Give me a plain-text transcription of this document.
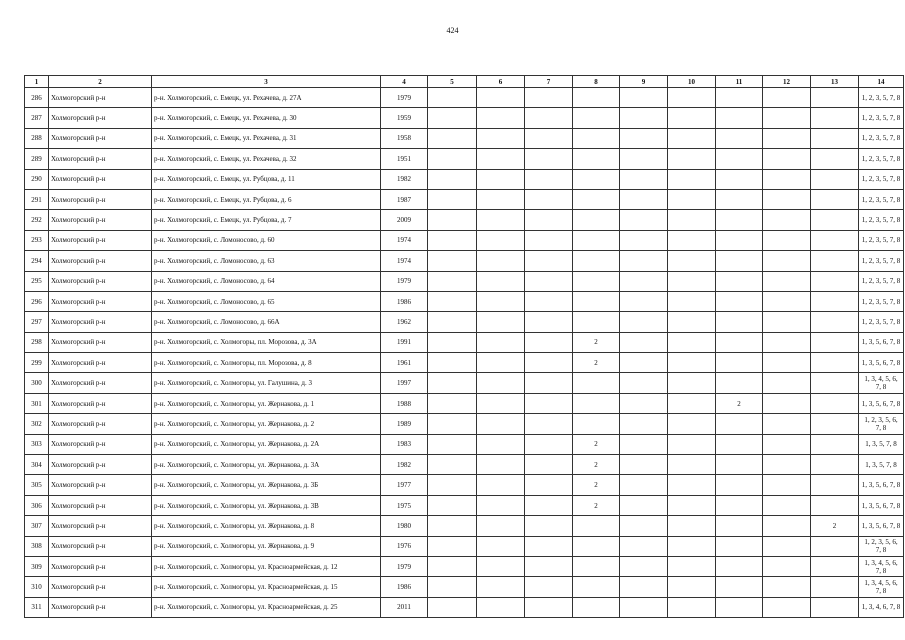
424
1	2	3	4	5	6	7	8	9	10	11	12	13	14
286	Холмогорский р-н	р-н. Холмогорский, с. Емецк, ул. Рехачева, д. 27А	1979										1, 2, 3, 5, 7, 8
287	Холмогорский р-н	р-н. Холмогорский, с. Емецк, ул. Рехачева, д. 30	1959										1, 2, 3, 5, 7, 8
288	Холмогорский р-н	р-н. Холмогорский, с. Емецк, ул. Рехачева, д. 31	1958										1, 2, 3, 5, 7, 8
289	Холмогорский р-н	р-н. Холмогорский, с. Емецк, ул. Рехачева, д. 32	1951										1, 2, 3, 5, 7, 8
290	Холмогорский р-н	р-н. Холмогорский, с. Емецк, ул. Рубцова, д. 11	1982										1, 2, 3, 5, 7, 8
291	Холмогорский р-н	р-н. Холмогорский, с. Емецк, ул. Рубцова, д. 6	1987										1, 2, 3, 5, 7, 8
292	Холмогорский р-н	р-н. Холмогорский, с. Емецк, ул. Рубцова, д. 7	2009										1, 2, 3, 5, 7, 8
293	Холмогорский р-н	р-н. Холмогорский, с. Ломоносово, д. 60	1974										1, 2, 3, 5, 7, 8
294	Холмогорский р-н	р-н. Холмогорский, с. Ломоносово, д. 63	1974										1, 2, 3, 5, 7, 8
295	Холмогорский р-н	р-н. Холмогорский, с. Ломоносово, д. 64	1979										1, 2, 3, 5, 7, 8
296	Холмогорский р-н	р-н. Холмогорский, с. Ломоносово, д. 65	1986										1, 2, 3, 5, 7, 8
297	Холмогорский р-н	р-н. Холмогорский, с. Ломоносово, д. 66А	1962										1, 2, 3, 5, 7, 8
298	Холмогорский р-н	р-н. Холмогорский, с. Холмогоры, пл. Морозова, д. 3А	1991				2						1, 3, 5, 6, 7, 8
299	Холмогорский р-н	р-н. Холмогорский, с. Холмогоры, пл. Морозова, д. 8	1961				2						1, 3, 5, 6, 7, 8
300	Холмогорский р-н	р-н. Холмогорский, с. Холмогоры, ул. Галушина, д. 3	1997										1, 3, 4, 5, 6, 7, 8
301	Холмогорский р-н	р-н. Холмогорский, с. Холмогоры, ул. Жернакова, д. 1	1988							2			1, 3, 5, 6, 7, 8
302	Холмогорский р-н	р-н. Холмогорский, с. Холмогоры, ул. Жернакова, д. 2	1989										1, 2, 3, 5, 6, 7, 8
303	Холмогорский р-н	р-н. Холмогорский, с. Холмогоры, ул. Жернакова, д. 2А	1983				2						1, 3, 5, 7, 8
304	Холмогорский р-н	р-н. Холмогорский, с. Холмогоры, ул. Жернакова, д. 3А	1982				2						1, 3, 5, 7, 8
305	Холмогорский р-н	р-н. Холмогорский, с. Холмогоры, ул. Жернакова, д. 3Б	1977				2						1, 3, 5, 6, 7, 8
306	Холмогорский р-н	р-н. Холмогорский, с. Холмогоры, ул. Жернакова, д. 3В	1975				2						1, 3, 5, 6, 7, 8
307	Холмогорский р-н	р-н. Холмогорский, с. Холмогоры, ул. Жернакова, д. 8	1980									2	1, 3, 5, 6, 7, 8
308	Холмогорский р-н	р-н. Холмогорский, с. Холмогоры, ул. Жернакова, д. 9	1976										1, 2, 3, 5, 6, 7, 8
309	Холмогорский р-н	р-н. Холмогорский, с. Холмогоры, ул. Красноармейская, д. 12	1979										1, 3, 4, 5, 6, 7, 8
310	Холмогорский р-н	р-н. Холмогорский, с. Холмогоры, ул. Красноармейская, д. 15	1986										1, 3, 4, 5, 6, 7, 8
311	Холмогорский р-н	р-н. Холмогорский, с. Холмогоры, ул. Красноармейская, д. 25	2011										1, 3, 4, 6, 7, 8
